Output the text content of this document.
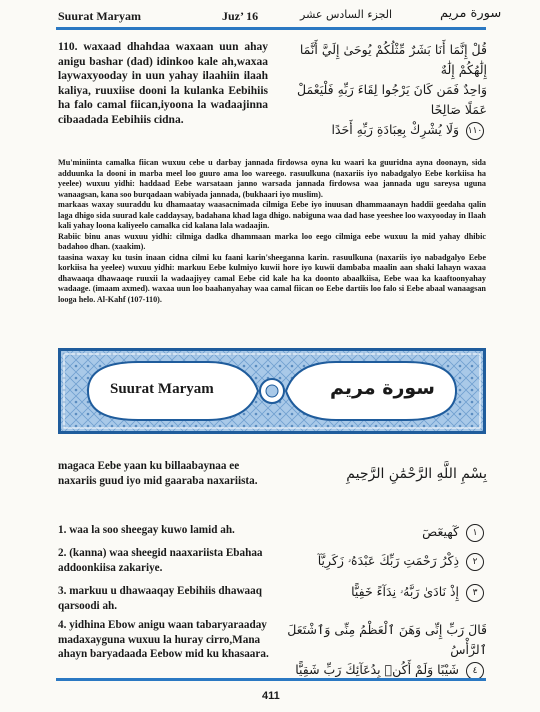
Suurat Maryam	Juz’ 16	الجزء السادس عشر	سورة مريم
110. waxaad dhahdaa waxaan uun ahay anigu bashar (dad) idinkoo kale ah,waxaa laywaxyooday in uun yahay ilaahiin ilaah kaliya, ruuxiise dooni la kulanka Eebihiis ha falo camal fiican,iyoona la wadaajinna cibaadada Eebihiis cidna.
قُلْ إِنَّمَا أَنَا بَشَرٌ مِّثْلُكُمْ يُوحَىٰ إِلَيَّ أَنَّمَا إِلَٰهُكُمْ إِلَٰهٌ
وَاحِدٌ فَمَن كَانَ يَرْجُوا لِقَاءَ رَبِّهِ فَلْيَعْمَلْ عَمَلًا صَالِحًا
١١٠ وَلَا يُشْرِكْ بِعِبَادَةِ رَبِّهِ أَحَدًا

Mu'miniinta camalka fiican wuxuu cebe u darbay jannada firdowsa oyna ku waari ka guuridna ayna doonayn, sida adduunka la dooni in marba meel loo guuro ama loo wareego. rasuulkuna (naxariis iyo nabadgalyo Eebe korkiisa ha yeelee) wuxuu yidhi: haddaad Eebe warsataan janno warsada jannada firdowsa waa jannada ugu sareysa uguna wanaagsan, kana soo burqadaan wabiyada jannada, (bukhaari iyo muslim).

markaas waxay suuraddu ku dhamaatay waasacnimada cilmiga Eebe iyo inuusan dhammaanayn haddii geedaha qalin laga dhigo sida suurad kale caddaysay, badahana khad laga dhigo. nabiguna waa dad hase yeeshee loo waxyooday in Ilaah kali yahay loona kaliyeelo camalka cid kalana lala wadaajin.

Rabiic binu anas wuxuu yidhi: cilmiga dadka dhammaan marka loo eego cilmiga eebe wuxuu la mid yahay dhibic badahoo dhan. (xaakim).

taasina waxay ku tusin inaan cidna cilmi ku faani karin'sheeganna karin. rasuulkuna (naxariis iyo nabadgalyo Eebe korkiisa ha yeelee) wuxuu yidhi: markuu Eebe kulmiyo kuwii hore iyo kuwii dambaba maalin aan shaki lahayn waxaa dhawaaqa dhawaaqe ruuxii la wadaajiyey camal Eebe cid kale ha ka doonto abaalkiisa, Eebe waa ka kaaftoonyahay wadaage. (imaam axmed). waxaa uun loo baahanyahay waa camal fiican oo Eebe dartiis loo falo si Eebe abaal wanaagsan looga helo. Al-Kahf (107-110).

Suurat Maryam	سورة مريم
magaca Eebe yaan ku billaabaynaa ee naxariis guud iyo mid gaaraba naxariista.	بِسْمِ اللَّهِ الرَّحْمَٰنِ الرَّحِيمِ
1. waa la soo sheegay kuwo lamid ah.	١ كٓهيعٓصٓ
2. (kanna) waa sheegid naaxariista Ebahaa addoonkiisa zakariye.	٢ ذِكْرُ رَحْمَتِ رَبِّكَ عَبْدَهُۥ زَكَرِيَّآ
3. markuu u dhawaaqay Eebihiis dhawaaq qarsoodi ah.
٣ إِذْ نَادَىٰ رَبَّهُۥ نِدَآءً خَفِيًّا
4. yidhina Ebow anigu waan tabaryaraaday madaxayguna wuxuu la huray cirro,Mana ahayn baryadaada Eebow mid ku khasaara.
قَالَ رَبِّ إِنِّى وَهَنَ ٱلْعَظْمُ مِنِّى وَٱشْتَعَلَ ٱلرَّأْسُ
٤ شَيْبًا وَلَمْ أَكُنۢ بِدُعَآئِكَ رَبِّ شَقِيًّا
411
